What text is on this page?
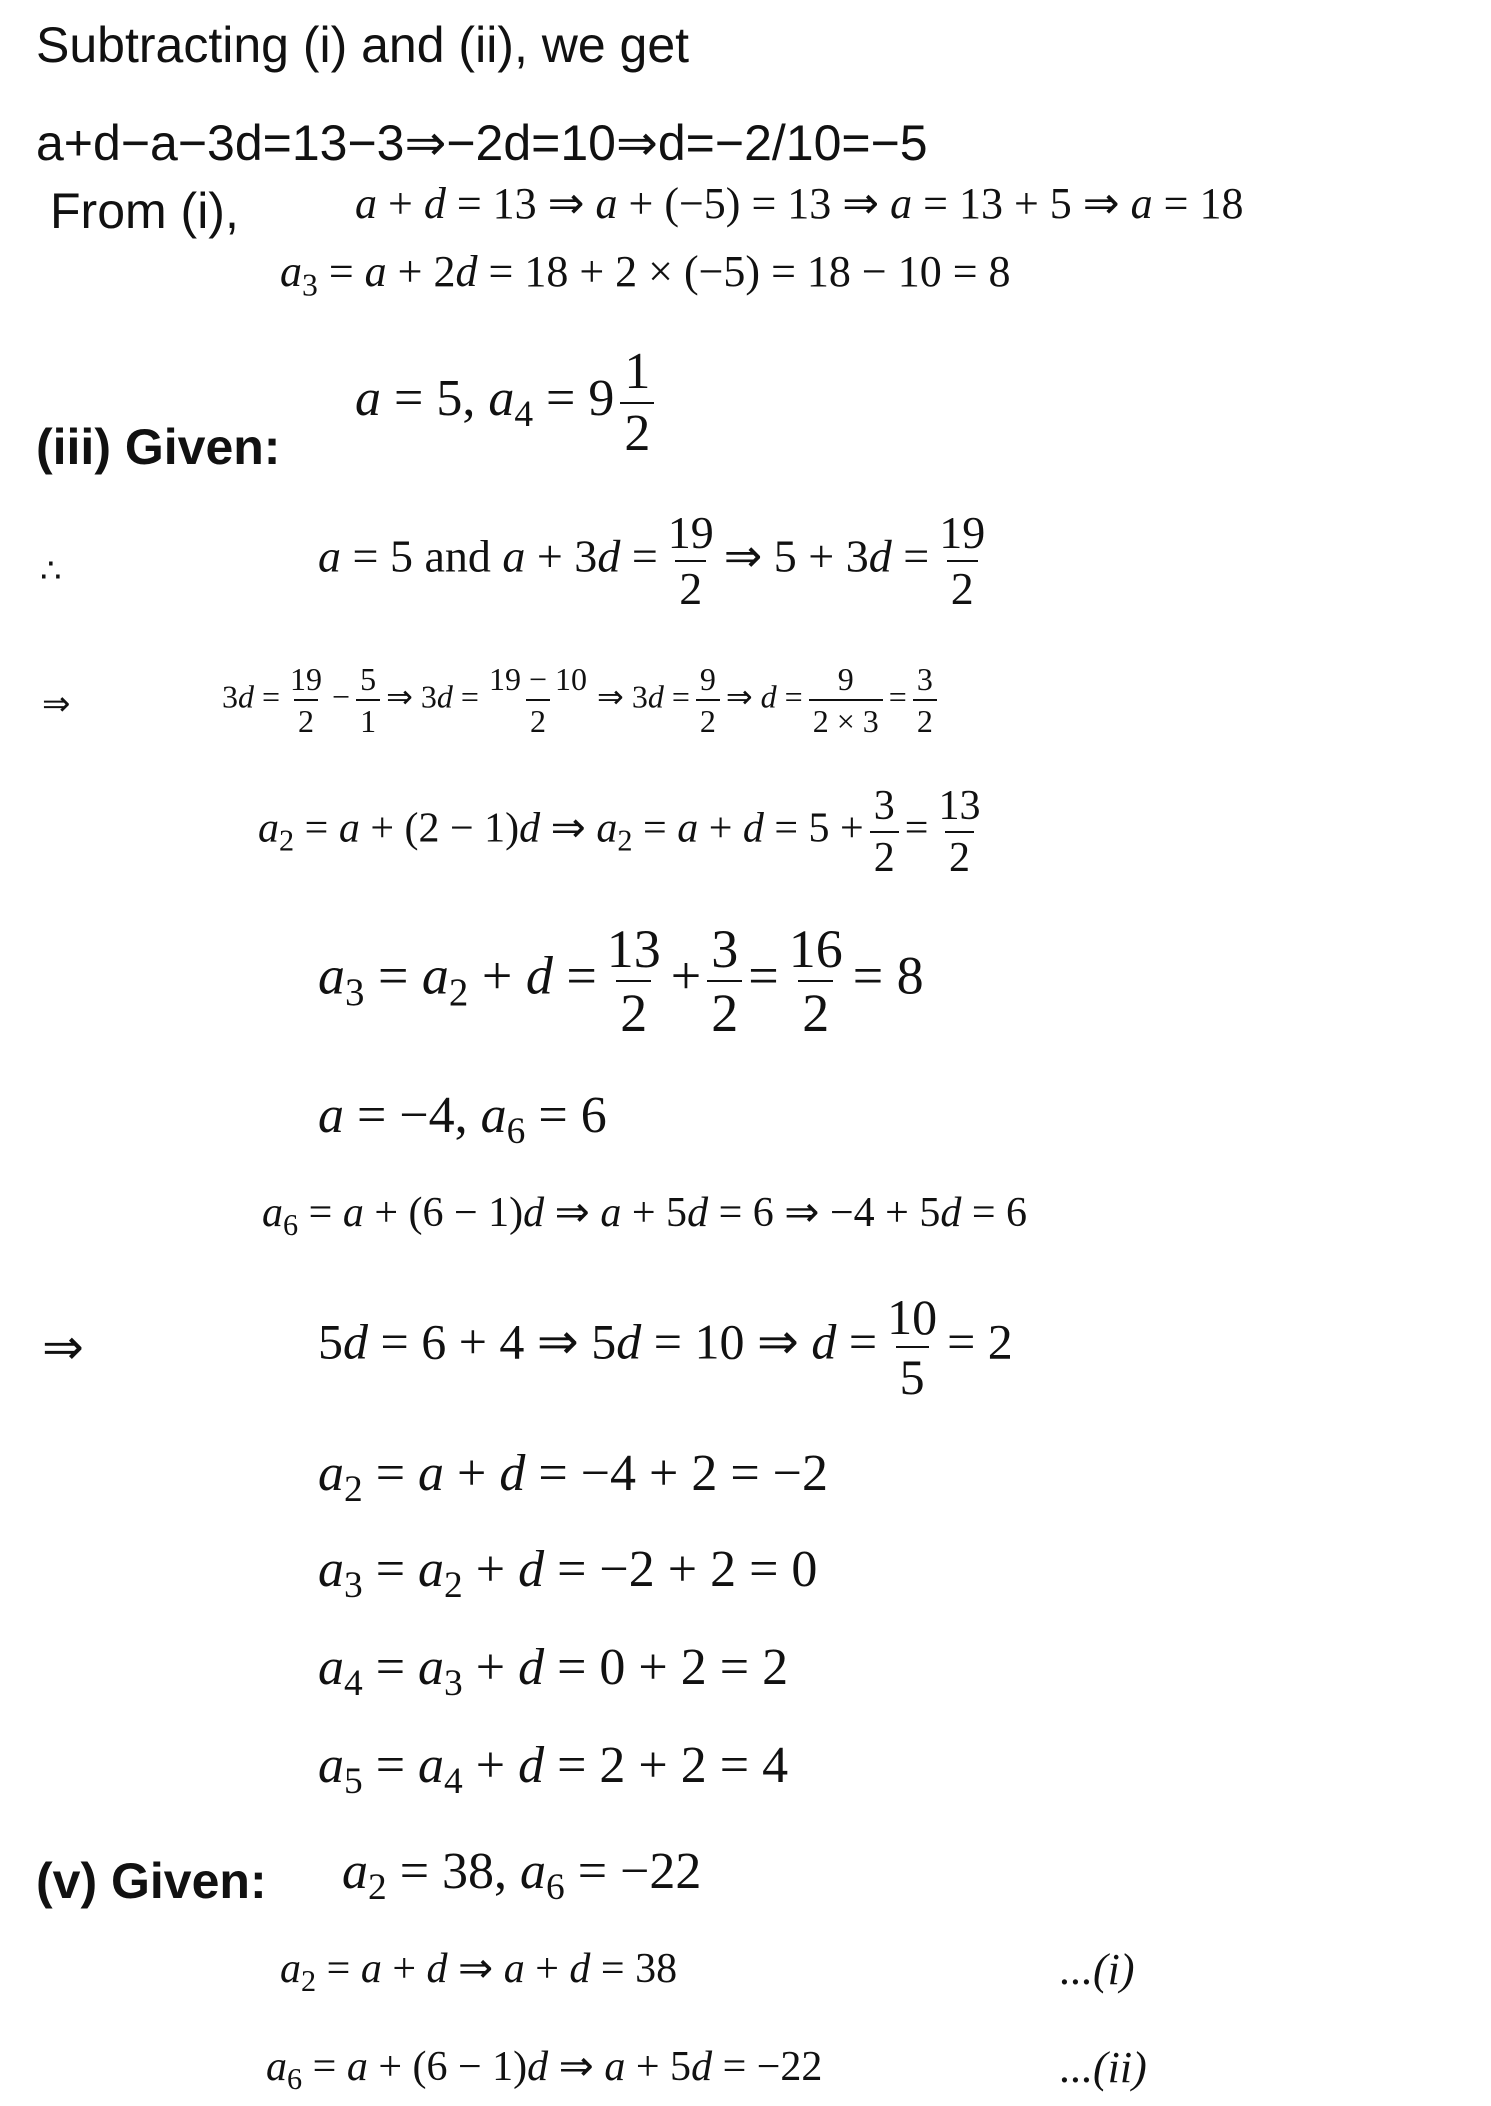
Subtracting (i) and (ii), we get
a+d−a−3d=13−3⇒−2d=10⇒d=−2/10=−5
From (i),	a + d = 13 ⇒ a + (−5) = 13 ⇒ a = 13 + 5 ⇒ a = 18
$a_3 = a + 2d = 18 + 2 \times (-5) = 18 - 10 = 8$
(iii) Given:
a = 5, $a_4 = 9 \frac{1}{2}$
∴	a = 5 and $a + 3d = \frac{19}{2}$ ⇒ $5 + 3d = \frac{19}{2}$
⇒	$3d = \frac{19}{2} - \frac{5}{1}$ ⇒ $3d = \frac{19 - 10}{2}$ ⇒ $3d = \frac{9}{2}$ ⇒ $d = \frac{9}{2 \times 3} = \frac{3}{2}$
$a_2 = a + (2 - 1)d$ ⇒ $a_2 = a + d = 5 + \frac{3}{2} = \frac{13}{2}$
$a_3 = a_2 + d = \frac{13}{2} + \frac{3}{2} = \frac{16}{2} = 8$
a = −4, $a_6 = 6$
$a_6 = a + (6 - 1)d$ ⇒ a + 5d = 6 ⇒ −4 + 5d = 6
⇒	5d = 6 + 4 ⇒ 5d = 10 ⇒ $d = \frac{10}{5} = 2$
$a_2 = a + d = -4 + 2 = -2$
$a_3 = a_2 + d = -2 + 2 = 0$
$a_4 = a_3 + d = 0 + 2 = 2$
$a_5 = a_4 + d = 2 + 2 = 4$
(v) Given: $a_2 = 38$, $a_6 = -22$
$a_2 = a + d$ ⇒ a + d = 38	...(i)
$a_6 = a + (6 - 1)d$ ⇒ a + 5d = −22	...(ii)
